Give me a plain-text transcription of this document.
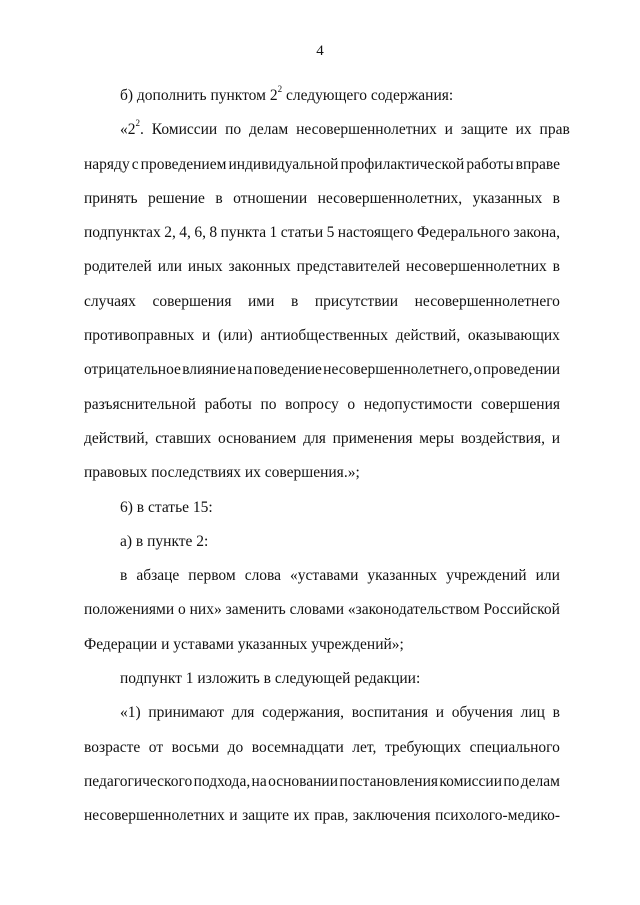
4
б) дополнить пунктом $2^2$ следующего содержания:
«$2^2$. Комиссии по делам несовершеннолетних и защите их прав
наряду с проведением индивидуальной профилактической работы вправе
принять решение в отношении несовершеннолетних, указанных в
подпунктах 2, 4, 6, 8 пункта 1 статьи 5 настоящего Федерального закона,
родителей или иных законных представителей несовершеннолетних в
случаях совершения ими в присутствии несовершеннолетнего
противоправных и (или) антиобщественных действий, оказывающих
отрицательное влияние на поведение несовершеннолетнего, о проведении
разъяснительной работы по вопросу о недопустимости совершения
действий, ставших основанием для применения меры воздействия, и
правовых последствиях их совершения.»;
6) в статье 15:
а) в пункте 2:
в абзаце первом слова «уставами указанных учреждений или
положениями о них» заменить словами «законодательством Российской
Федерации и уставами указанных учреждений»;
подпункт 1 изложить в следующей редакции:
«1) принимают для содержания, воспитания и обучения лиц в
возрасте от восьми до восемнадцати лет, требующих специального
педагогического подхода, на основании постановления комиссии по делам
несовершеннолетних и защите их прав, заключения психолого-медико-
